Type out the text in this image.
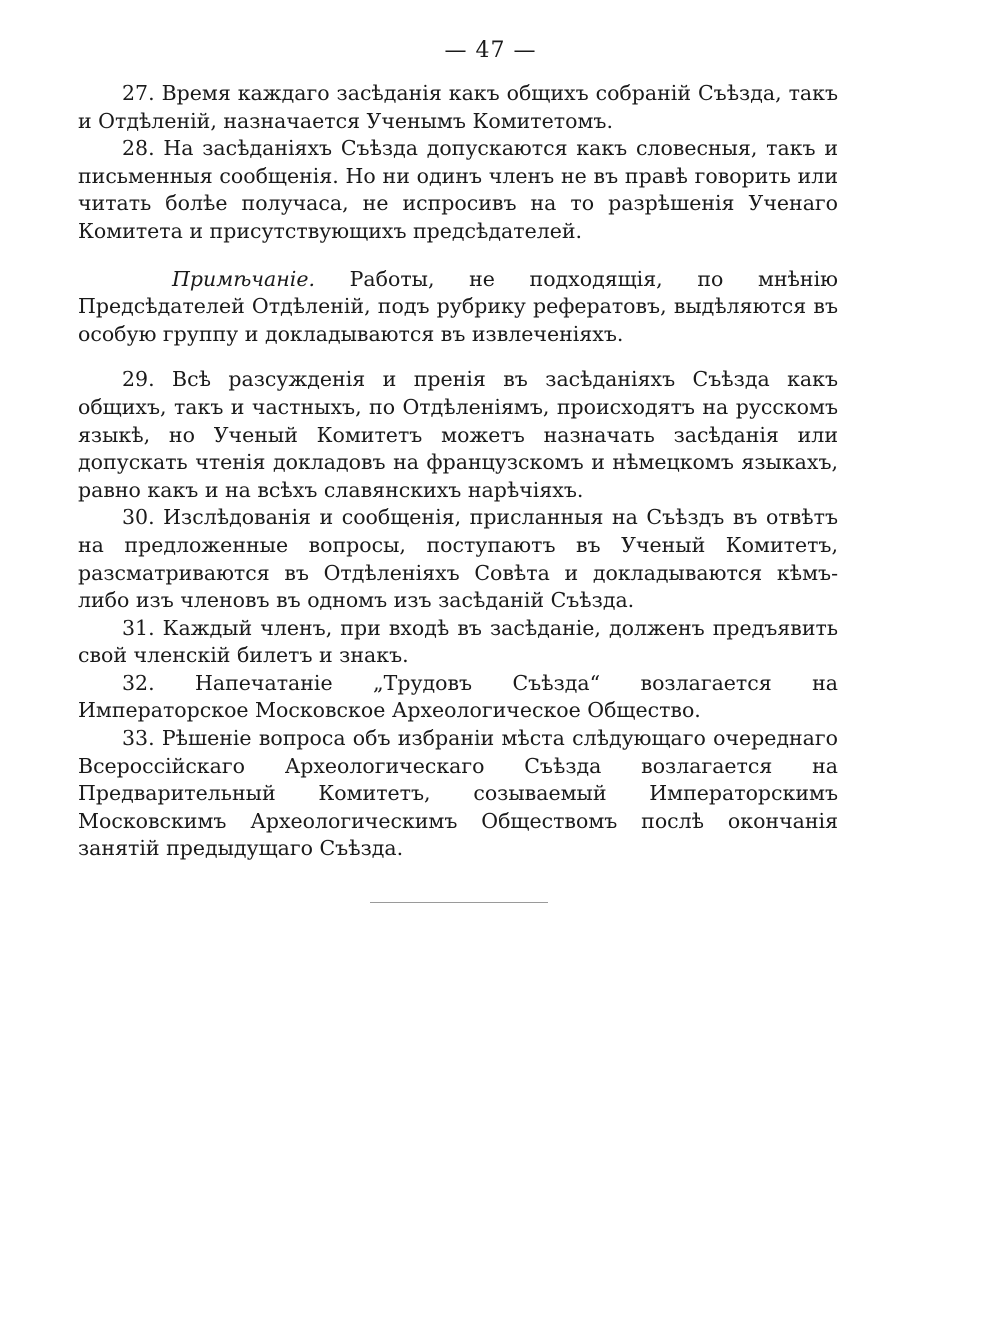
— 47 —

27. Время каждаго засѣданія какъ общихъ собраній Съѣзда, такъ и Отдѣленій, назначается Ученымъ Комитетомъ.

28. На засѣданіяхъ Съѣзда допускаются какъ словесныя, такъ и письменныя сообщенія. Но ни одинъ членъ не въ правѣ говорить или читать болѣе получаса, не испросивъ на то разрѣшенія Ученаго Комитета и присутствующихъ предсѣдателей.

Примѣчаніе. Работы, не подходящія, по мнѣнію Предсѣдателей Отдѣленій, подъ рубрику рефератовъ, выдѣляются въ особую группу и докладываются въ извлеченіяхъ.

29. Всѣ разсужденія и пренія въ засѣданіяхъ Съѣзда какъ общихъ, такъ и частныхъ, по Отдѣленіямъ, происходятъ на русскомъ языкѣ, но Ученый Комитетъ можетъ назначать засѣданія или допускать чтенія докладовъ на французскомъ и нѣмецкомъ языкахъ, равно какъ и на всѣхъ славянскихъ нарѣчіяхъ.

30. Изслѣдованія и сообщенія, присланныя на Съѣздъ въ отвѣтъ на предложенные вопросы, поступаютъ въ Ученый Комитетъ, разсматриваются въ Отдѣленіяхъ Совѣта и докладываются кѣмъ-либо изъ членовъ въ одномъ изъ засѣданій Съѣзда.

31. Каждый членъ, при входѣ въ засѣданіе, долженъ предъявить свой членскій билетъ и знакъ.

32. Напечатаніе „Трудовъ Съѣзда“ возлагается на Императорское Московское Археологическое Общество.

33. Рѣшеніе вопроса объ избраніи мѣста слѣдующаго очереднаго Всероссійскаго Археологическаго Съѣзда возлагается на Предварительный Комитетъ, созываемый Императорскимъ Московскимъ Археологическимъ Обществомъ послѣ окончанія занятій предыдущаго Съѣзда.
